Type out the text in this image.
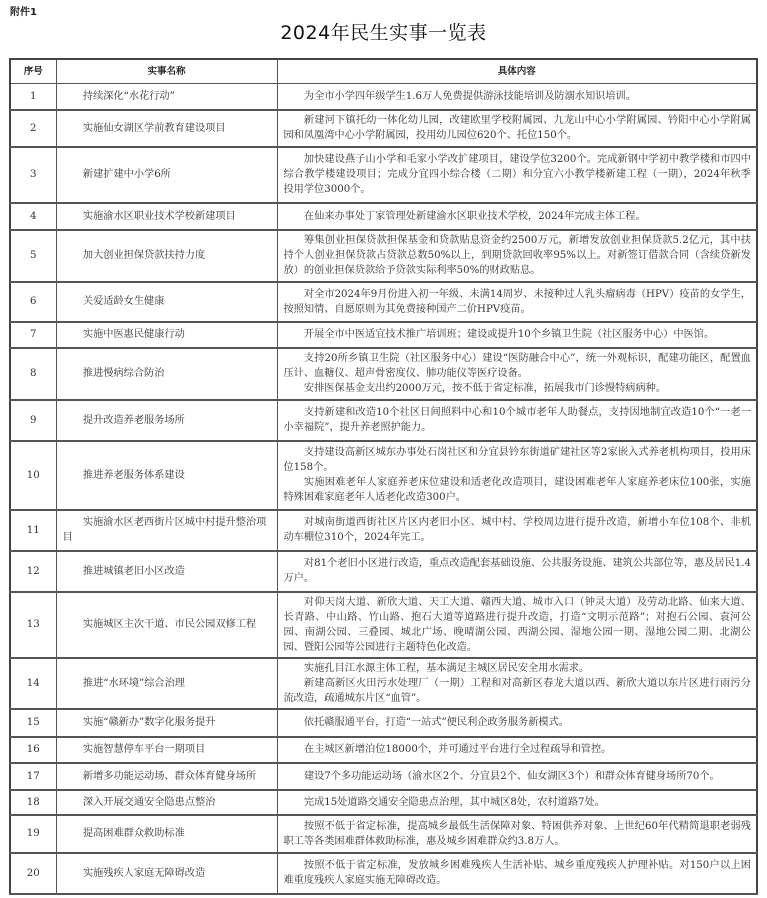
附件1
2024年民生实事一览表
序号	实事名称	具体内容
1	持续深化“水花行动”	为全市小学四年级学生1.6万人免费提供游泳技能培训及防溺水知识培训。

2	实施仙女湖区学前教育建设项目	新建河下镇托幼一体化幼儿园，改建欧里学校附属园、九龙山中心小学附属园、钤阳中心小学附属园和凤凰湾中心小学附属园，投用幼儿园位620个、托位150个。

3	新建扩建中小学6所	加快建设燕子山小学和毛家小学改扩建项目，建设学位3200个。完成新钢中学初中教学楼和市四中综合教学楼建设项目；完成分宜四小综合楼（二期）和分宜六小教学楼新建工程（一期），2024年秋季投用学位3000个。

4	实施渝水区职业技术学校新建项目	在仙来办事处丁家管理处新建渝水区职业技术学校，2024年完成主体工程。

5	加大创业担保贷款扶持力度	筹集创业担保贷款担保基金和贷款贴息资金约2500万元，新增发放创业担保贷款5.2亿元，其中扶持个人创业担保贷款占贷款总数50%以上，到期贷款回收率95%以上。对新签订借款合同（含续贷新发放）的创业担保贷款给予贷款实际利率50%的财政贴息。

6	关爱适龄女生健康	对全市2024年9月份进入初一年级、未满14周岁、未接种过人乳头瘤病毒（HPV）疫苗的女学生，按照知情、自愿原则为其免费接种国产二价HPV疫苗。

7	实施中医惠民健康行动	开展全市中医适宜技术推广培训班；建设或提升10个乡镇卫生院（社区服务中心）中医馆。

8	推进慢病综合防治	支持20所乡镇卫生院（社区服务中心）建设“医防融合中心”，统一外观标识，配建功能区，配置血压计、血糖仪、超声骨密度仪、肺功能仪等医疗设备。

安排医保基金支出约2000万元，按不低于省定标准，拓展我市门诊慢特病病种。

9	提升改造养老服务场所	支持新建和改造10个社区日间照料中心和10个城市老年人助餐点，支持因地制宜改造10个“一老一小幸福院”，提升养老照护能力。

10	推进养老服务体系建设	支持建设高新区城东办事处石岗社区和分宜县钤东街道矿建社区等2家嵌入式养老机构项目，投用床位158个。

实施困难老年人家庭养老床位建设和适老化改造项目，建设困难老年人家庭养老床位100张，实施特殊困难家庭老年人适老化改造300户。

11	实施渝水区老西街片区城中村提升整治项目	对城南街道西街社区片区内老旧小区、城中村、学校周边进行提升改造，新增小车位108个、非机动车棚位310个，2024年完工。

12	推进城镇老旧小区改造	对81个老旧小区进行改造，重点改造配套基础设施、公共服务设施、建筑公共部位等，惠及居民1.4万户。

13	实施城区主次干道、市民公园双修工程	对仰天岗大道、新欣大道、天工大道、赣西大道、城市入口（钟灵大道）及劳动北路、仙来大道、长青路、中山路、竹山路、抱石大道等道路进行提升改造，打造“文明示范路”；对抱石公园、袁河公园、南湖公园、三叠园、城北广场、晚晴湖公园、西湖公园、湿地公园一期、湿地公园二期、北湖公园、暨阳公园等公园进行主题特色化改造。

14	推进“水环境”综合治理	实施孔目江水源主体工程，基本满足主城区居民安全用水需求。

新建高新区火田污水处理厂（一期）工程和对高新区春龙大道以西、新欣大道以东片区进行雨污分流改造，疏通城东片区“血管”。

15	实施“赣新办”数字化服务提升	依托赣服通平台，打造“一站式”便民利企政务服务新模式。

16	实施智慧停车平台一期项目	在主城区新增泊位18000个，并可通过平台进行全过程疏导和管控。

17	新增多功能运动场、群众体育健身场所	建设7个多功能运动场（渝水区2个、分宜县2个、仙女湖区3个）和群众体育健身场所70个。

18	深入开展交通安全隐患点整治	完成15处道路交通安全隐患点治理，其中城区8处，农村道路7处。

19	提高困难群众救助标准	按照不低于省定标准，提高城乡最低生活保障对象、特困供养对象、上世纪60年代精简退职老弱残职工等各类困难群体救助标准，惠及城乡困难群众约3.8万人。

20	实施残疾人家庭无障碍改造	按照不低于省定标准，发放城乡困难残疾人生活补贴、城乡重度残疾人护理补贴。对150户以上困难重度残疾人家庭实施无障碍改造。
